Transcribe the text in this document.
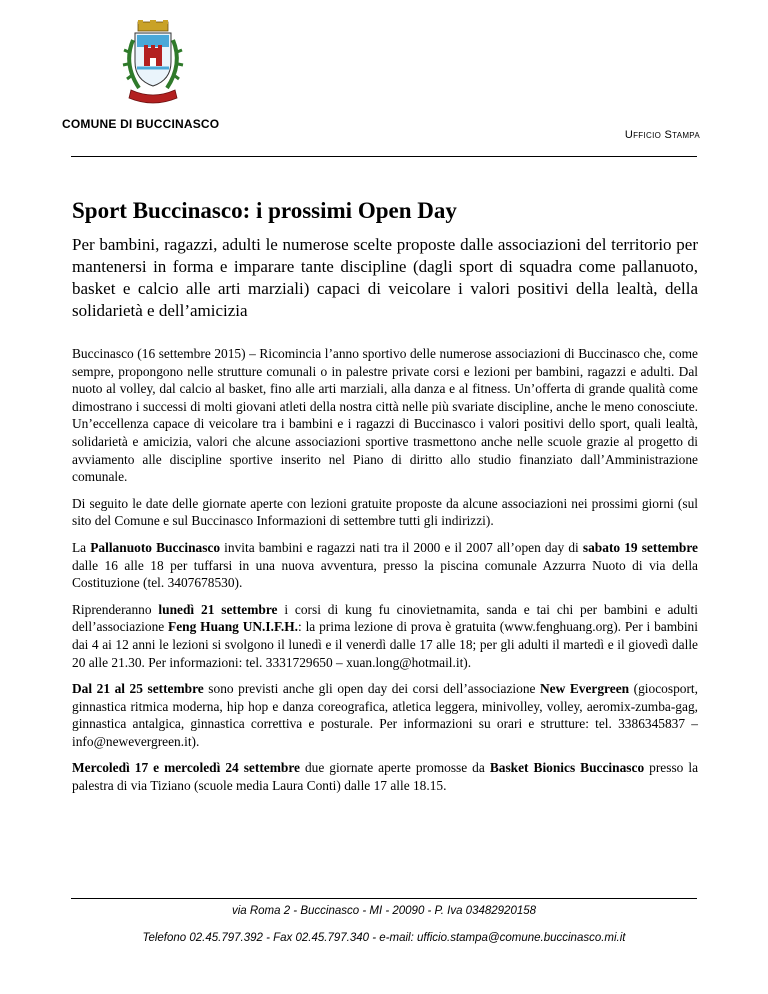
COMUNE DI BUCCINASCO
Ufficio Stampa
Sport Buccinasco: i prossimi Open Day

Per bambini, ragazzi, adulti le numerose scelte proposte dalle associazioni del territorio per mantenersi in forma e imparare tante discipline (dagli sport di squadra come pallanuoto, basket e calcio alle arti marziali) capaci di veicolare i valori positivi della lealtà, della solidarietà e dell’amicizia

Buccinasco (16 settembre 2015) – Ricomincia l’anno sportivo delle numerose associazioni di Buccinasco che, come sempre, propongono nelle strutture comunali o in palestre private corsi e lezioni per bambini, ragazzi e adulti. Dal nuoto al volley, dal calcio al basket, fino alle arti marziali, alla danza e al fitness. Un’offerta di grande qualità come dimostrano i successi di molti giovani atleti della nostra città nelle più svariate discipline, anche le meno conosciute. Un’eccellenza capace di veicolare tra i bambini e i ragazzi di Buccinasco i valori positivi dello sport, quali lealtà, solidarietà e amicizia, valori che alcune associazioni sportive trasmettono anche nelle scuole grazie al progetto di avviamento alle discipline sportive inserito nel Piano di diritto allo studio finanziato dall’Amministrazione comunale.

Di seguito le date delle giornate aperte con lezioni gratuite proposte da alcune associazioni nei prossimi giorni (sul sito del Comune e sul Buccinasco Informazioni di settembre tutti gli indirizzi).

La Pallanuoto Buccinasco invita bambini e ragazzi nati tra il 2000 e il 2007 all’open day di sabato 19 settembre dalle 16 alle 18 per tuffarsi in una nuova avventura, presso la piscina comunale Azzurra Nuoto di via della Costituzione (tel. 3407678530).

Riprenderanno lunedì 21 settembre i corsi di kung fu cinovietnamita, sanda e tai chi per bambini e adulti dell’associazione Feng Huang UN.I.F.H.: la prima lezione di prova è gratuita (www.fenghuang.org). Per i bambini dai 4 ai 12 anni le lezioni si svolgono il lunedì e il venerdì dalle 17 alle 18; per gli adulti il martedì e il giovedì dalle 20 alle 21.30. Per informazioni: tel. 3331729650 – xuan.long@hotmail.it).

Dal 21 al 25 settembre sono previsti anche gli open day dei corsi dell’associazione New Evergreen (giocosport, ginnastica ritmica moderna, hip hop e danza coreografica, atletica leggera, minivolley, volley, aeromix-zumba-gag, ginnastica antalgica, ginnastica correttiva e posturale. Per informazioni su orari e strutture: tel. 3386345837 – info@newevergreen.it).

Mercoledì 17 e mercoledì 24 settembre due giornate aperte promosse da Basket Bionics Buccinasco presso la palestra di via Tiziano (scuole media Laura Conti) dalle 17 alle 18.15.

via Roma 2 - Buccinasco - MI - 20090 - P. Iva 03482920158
Telefono 02.45.797.392 - Fax 02.45.797.340 - e-mail: ufficio.stampa@comune.buccinasco.mi.it
